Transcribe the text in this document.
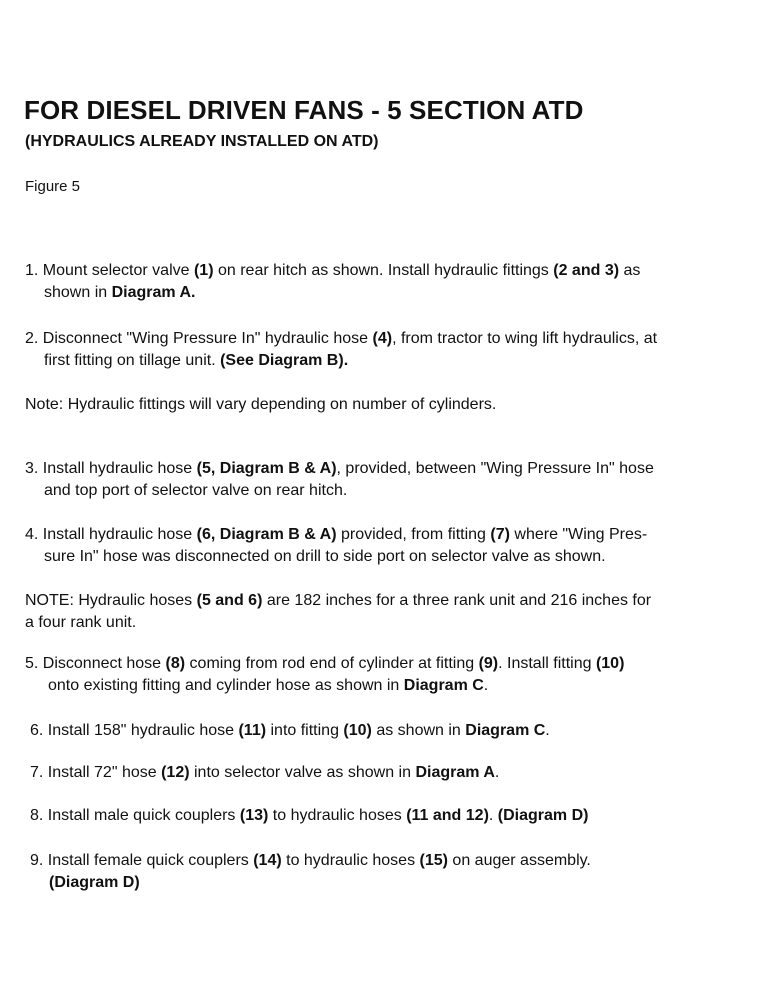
FOR DIESEL DRIVEN FANS - 5 SECTION ATD
(HYDRAULICS ALREADY INSTALLED ON ATD)
Figure 5
1. Mount selector valve (1) on rear hitch as shown. Install hydraulic fittings (2 and 3) as
shown in Diagram A.
2. Disconnect "Wing Pressure In" hydraulic hose (4), from tractor to wing lift hydraulics, at
first fitting on tillage unit. (See Diagram B).
Note: Hydraulic fittings will vary depending on number of cylinders.
3. Install hydraulic hose (5, Diagram B & A), provided, between "Wing Pressure In" hose
and top port of selector valve on rear hitch.
4. Install hydraulic hose (6, Diagram B & A) provided, from fitting (7) where "Wing Pres-
sure In" hose was disconnected on drill to side port on selector valve as shown.
NOTE: Hydraulic hoses (5 and 6) are 182 inches for a three rank unit and 216 inches for
a four rank unit.
5. Disconnect hose (8) coming from rod end of cylinder at fitting (9). Install fitting (10)
onto existing fitting and cylinder hose as shown in Diagram C.
6. Install 158" hydraulic hose (11) into fitting (10) as shown in Diagram C.
7. Install 72" hose (12) into selector valve as shown in Diagram A.
8. Install male quick couplers (13) to hydraulic hoses (11 and 12). (Diagram D)
9. Install female quick couplers (14) to hydraulic hoses (15) on auger assembly.
(Diagram D)
